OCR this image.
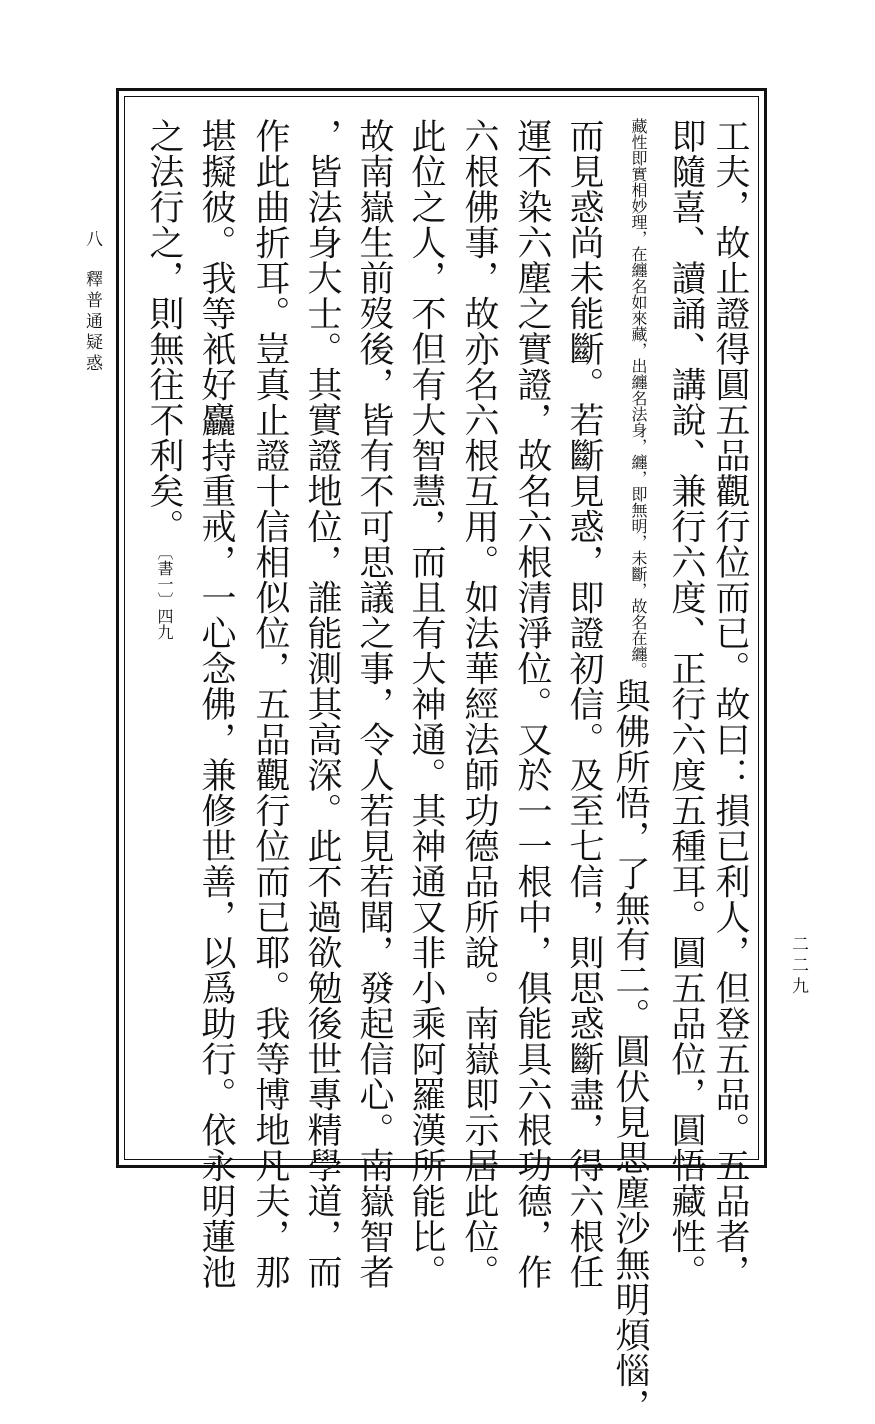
八
釋普通疑惑
二二九
工夫，故止證得圓五品觀行位而已。故曰：損已利人，但登五品。五品者，
即隨喜、讀誦、講說、兼行六度、正行六度五種耳。圓五品位，圓悟藏性。
藏性即實相妙理，在纏名如來藏，出纏名法身，纏，即無明，未斷，故名在纏。與佛所悟，了無有二。圓伏見思塵沙無明煩惱，
而見惑尚未能斷。若斷見惑，即證初信。及至七信，則思惑斷盡，得六根任
運不染六塵之實證，故名六根清淨位。又於一一根中，俱能具六根功德，作
六根佛事，故亦名六根互用。如法華經法師功德品所說。南嶽即示居此位。
此位之人，不但有大智慧，而且有大神通。其神通又非小乘阿羅漢所能比。
故南嶽生前歿後，皆有不可思議之事，令人若見若聞，發起信心。南嶽智者
，皆法身大士。其實證地位，誰能測其高深。此不過欲勉後世專精學道，而
作此曲折耳。豈真止證十信相似位，五品觀行位而已耶。我等博地凡夫，那
堪擬彼。我等衹好麤持重戒，一心念佛，兼修世善，以爲助行。依永明蓮池
之法行之，則無往不利矣。〔書一〕四九
